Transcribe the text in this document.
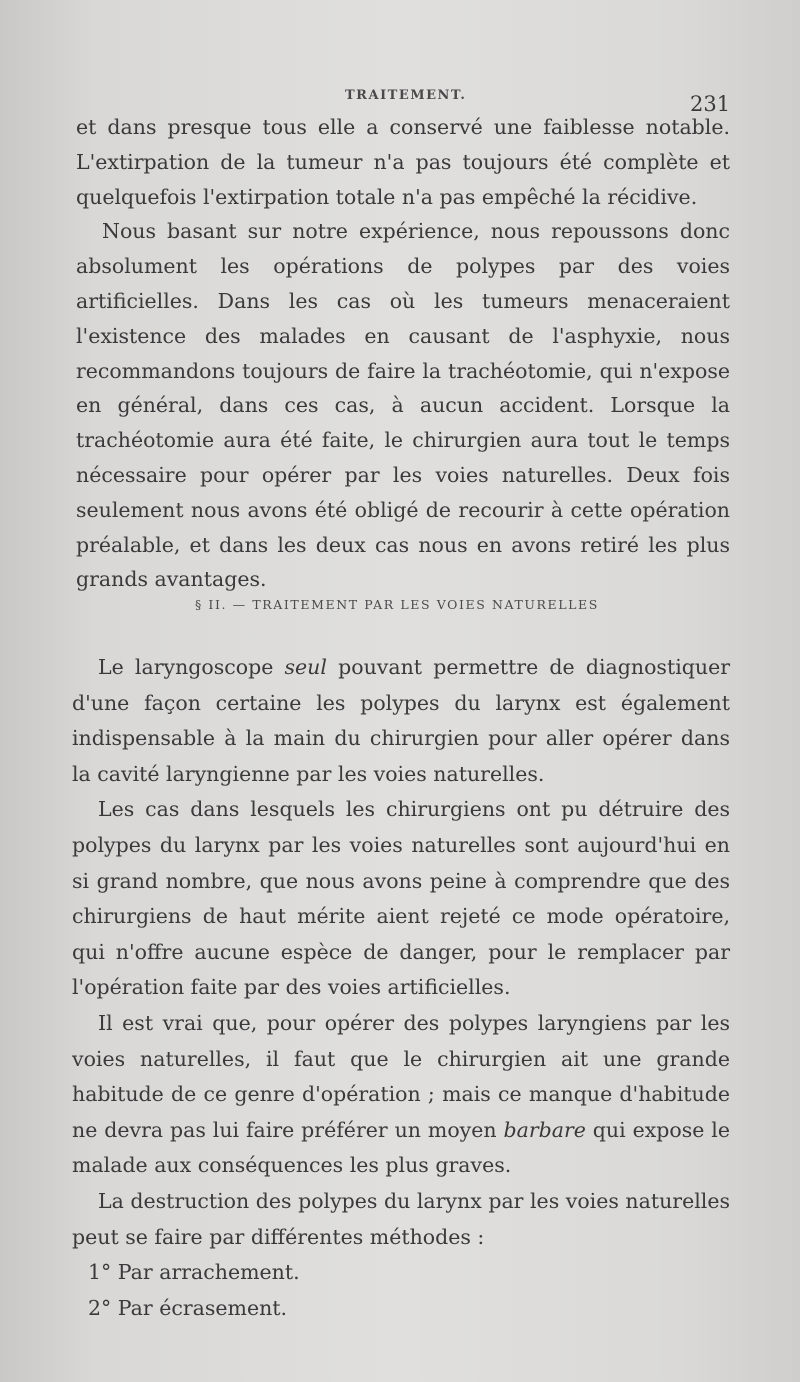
TRAITEMENT.	231

et dans presque tous elle a conservé une faiblesse notable. L'extirpation de la tumeur n'a pas toujours été complète et quelquefois l'extirpation totale n'a pas empêché la récidive.

Nous basant sur notre expérience, nous repoussons donc absolument les opérations de polypes par des voies artificielles. Dans les cas où les tumeurs menaceraient l'existence des malades en causant de l'asphyxie, nous recommandons toujours de faire la trachéotomie, qui n'expose en général, dans ces cas, à aucun accident. Lorsque la trachéotomie aura été faite, le chirurgien aura tout le temps nécessaire pour opérer par les voies naturelles. Deux fois seulement nous avons été obligé de recourir à cette opération préalable, et dans les deux cas nous en avons retiré les plus grands avantages.

§ II. — TRAITEMENT PAR LES VOIES NATURELLES

Le laryngoscope seul pouvant permettre de diagnostiquer d'une façon certaine les polypes du larynx est également indispensable à la main du chirurgien pour aller opérer dans la cavité laryngienne par les voies naturelles.

Les cas dans lesquels les chirurgiens ont pu détruire des polypes du larynx par les voies naturelles sont aujourd'hui en si grand nombre, que nous avons peine à comprendre que des chirurgiens de haut mérite aient rejeté ce mode opératoire, qui n'offre aucune espèce de danger, pour le remplacer par l'opération faite par des voies artificielles.

Il est vrai que, pour opérer des polypes laryngiens par les voies naturelles, il faut que le chirurgien ait une grande habitude de ce genre d'opération ; mais ce manque d'habitude ne devra pas lui faire préférer un moyen barbare qui expose le malade aux conséquences les plus graves.

La destruction des polypes du larynx par les voies naturelles peut se faire par différentes méthodes :

1° Par arrachement.

2° Par écrasement.
